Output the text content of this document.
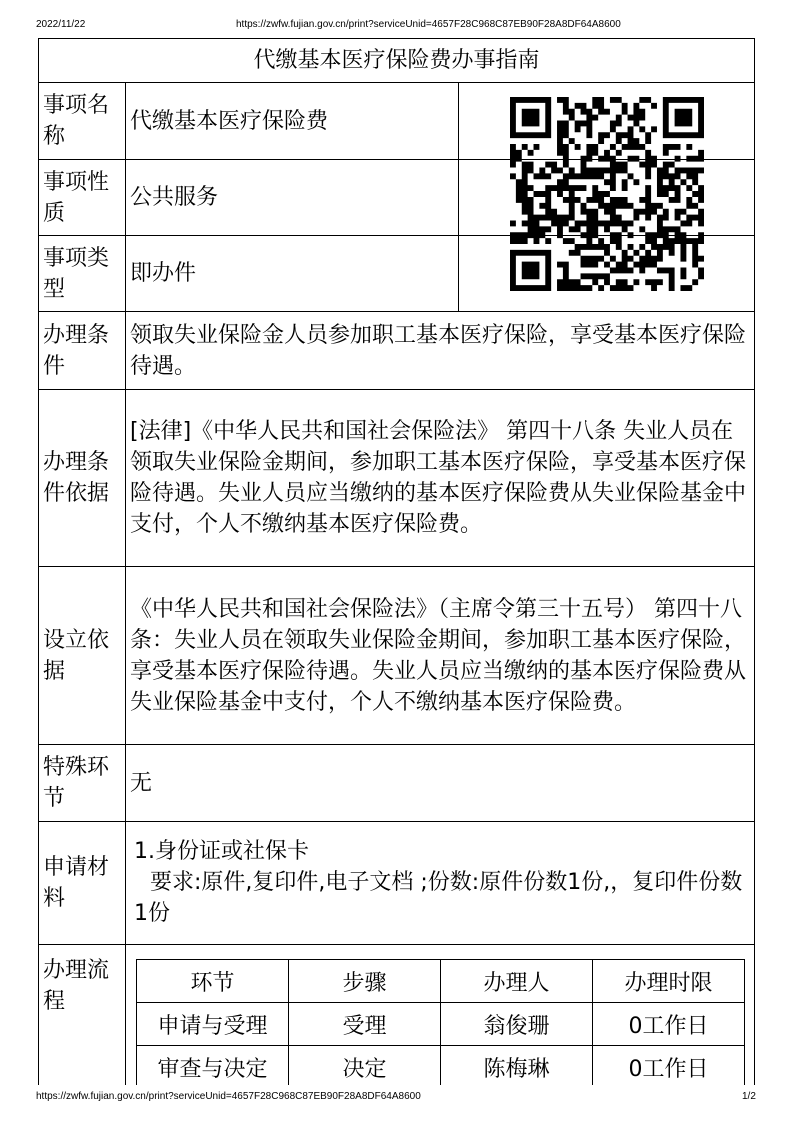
2022/11/22	https://zwfw.fujian.gov.cn/print?serviceUnid=4657F28C968C87EB90F28A8DF64A8600
代缴基本医疗保险费办事指南
事项名称
代缴基本医疗保险费
事项性质
公共服务
事项类型
即办件
办理条件
领取失业保险金人员参加职工基本医疗保险，享受基本医疗保险待遇。
办理条件依据
[法律]《中华人民共和国社会保险法》 第四十八条 失业人员在领取失业保险金期间，参加职工基本医疗保险，享受基本医疗保险待遇。失业人员应当缴纳的基本医疗保险费从失业保险基金中支付，个人不缴纳基本医疗保险费。
设立依据
《中华人民共和国社会保险法》（主席令第三十五号） 第四十八条：失业人员在领取失业保险金期间，参加职工基本医疗保险，享受基本医疗保险待遇。失业人员应当缴纳的基本医疗保险费从失业保险基金中支付，个人不缴纳基本医疗保险费。
特殊环节
无
申请材料
1.身份证或社保卡
要求:原件,复印件,电子文档 ;份数:原件份数1份,，复印件份数1份
办理流程
环节	步骤	办理人	办理时限
申请与受理	受理	翁俊珊	0工作日
审查与决定	决定	陈梅琳	0工作日
https://zwfw.fujian.gov.cn/print?serviceUnid=4657F28C968C87EB90F28A8DF64A8600	1/2
